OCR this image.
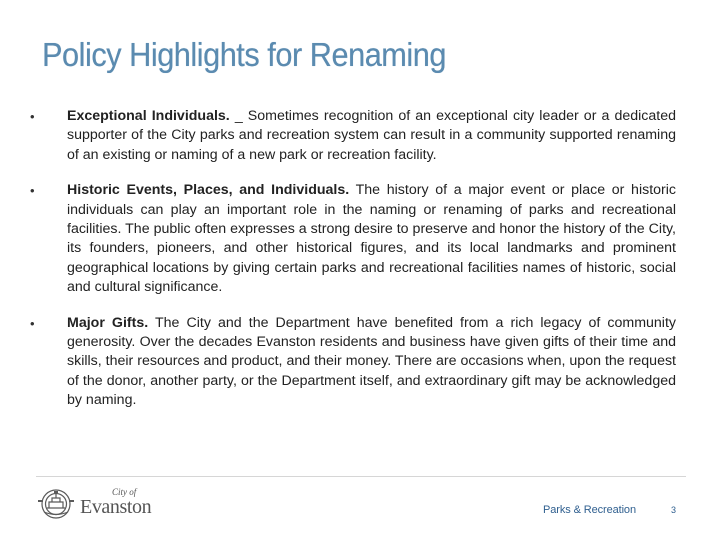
Policy Highlights for Renaming
•	Exceptional Individuals. _ Sometimes recognition of an exceptional city leader or a dedicated supporter of the City parks and recreation system can result in a community supported renaming of an existing or naming of a new park or recreation facility.
•	Historic Events, Places, and Individuals. The history of a major event or place or historic individuals can play an important role in the naming or renaming of parks and recreational facilities. The public often expresses a strong desire to preserve and honor the history of the City, its founders, pioneers, and other historical figures, and its local landmarks and prominent geographical locations by giving certain parks and recreational facilities names of historic, social and cultural significance.
•	Major Gifts. The City and the Department have benefited from a rich legacy of community generosity. Over the decades Evanston residents and business have given gifts of their time and skills, their resources and product, and their money. There are occasions when, upon the request of the donor, another party, or the Department itself, and extraordinary gift may be acknowledged by naming.
City of
Evanston	Parks & Recreation	3
